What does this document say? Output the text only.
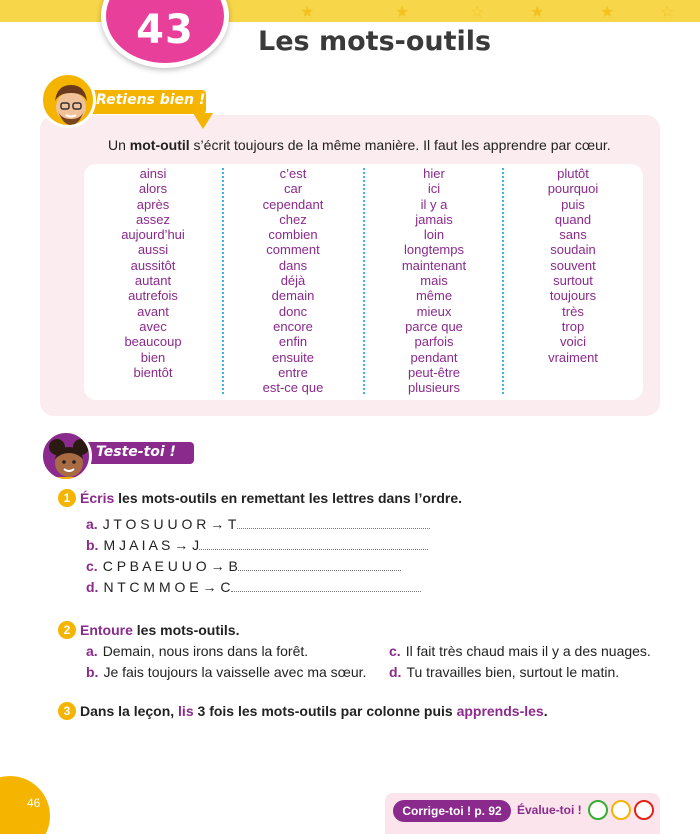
★	★	☆	★	★	☆
43 Les mots-outils
Retiens bien !

Un mot-outil s’écrit toujours de la même manière. Il faut les apprendre par cœur.

ainsi
alors
après
assez
aujourd’hui
aussi
aussitôt
autant
autrefois
avant
avec
beaucoup
bien
bientôt
c’est
car
cependant
chez
combien
comment
dans
déjà
demain
donc
encore
enfin
ensuite
entre
est-ce que
hier
ici
il y a
jamais
loin
longtemps
maintenant
mais
même
mieux
parce que
parfois
pendant
peut-être
plusieurs
plutôt
pourquoi
puis
quand
sans
soudain
souvent
surtout
toujours
très
trop
voici
vraiment
Teste-toi !
1 Écris les mots-outils en remettant les lettres dans l’ordre.
a. J T O S U U O R → T
b. M J A I A S → J
c. C P B A E U U O → B
d. N T C M M O E → C
2 Entoure les mots-outils.
a. Demain, nous irons dans la forêt.
b. Je fais toujours la vaisselle avec ma sœur.
c. Il fait très chaud mais il y a des nuages.
d. Tu travailles bien, surtout le matin.
3 Dans la leçon, lis 3 fois les mots-outils par colonne puis apprends-les.
46
Corrige-toi ! p. 92	Évalue-toi !
